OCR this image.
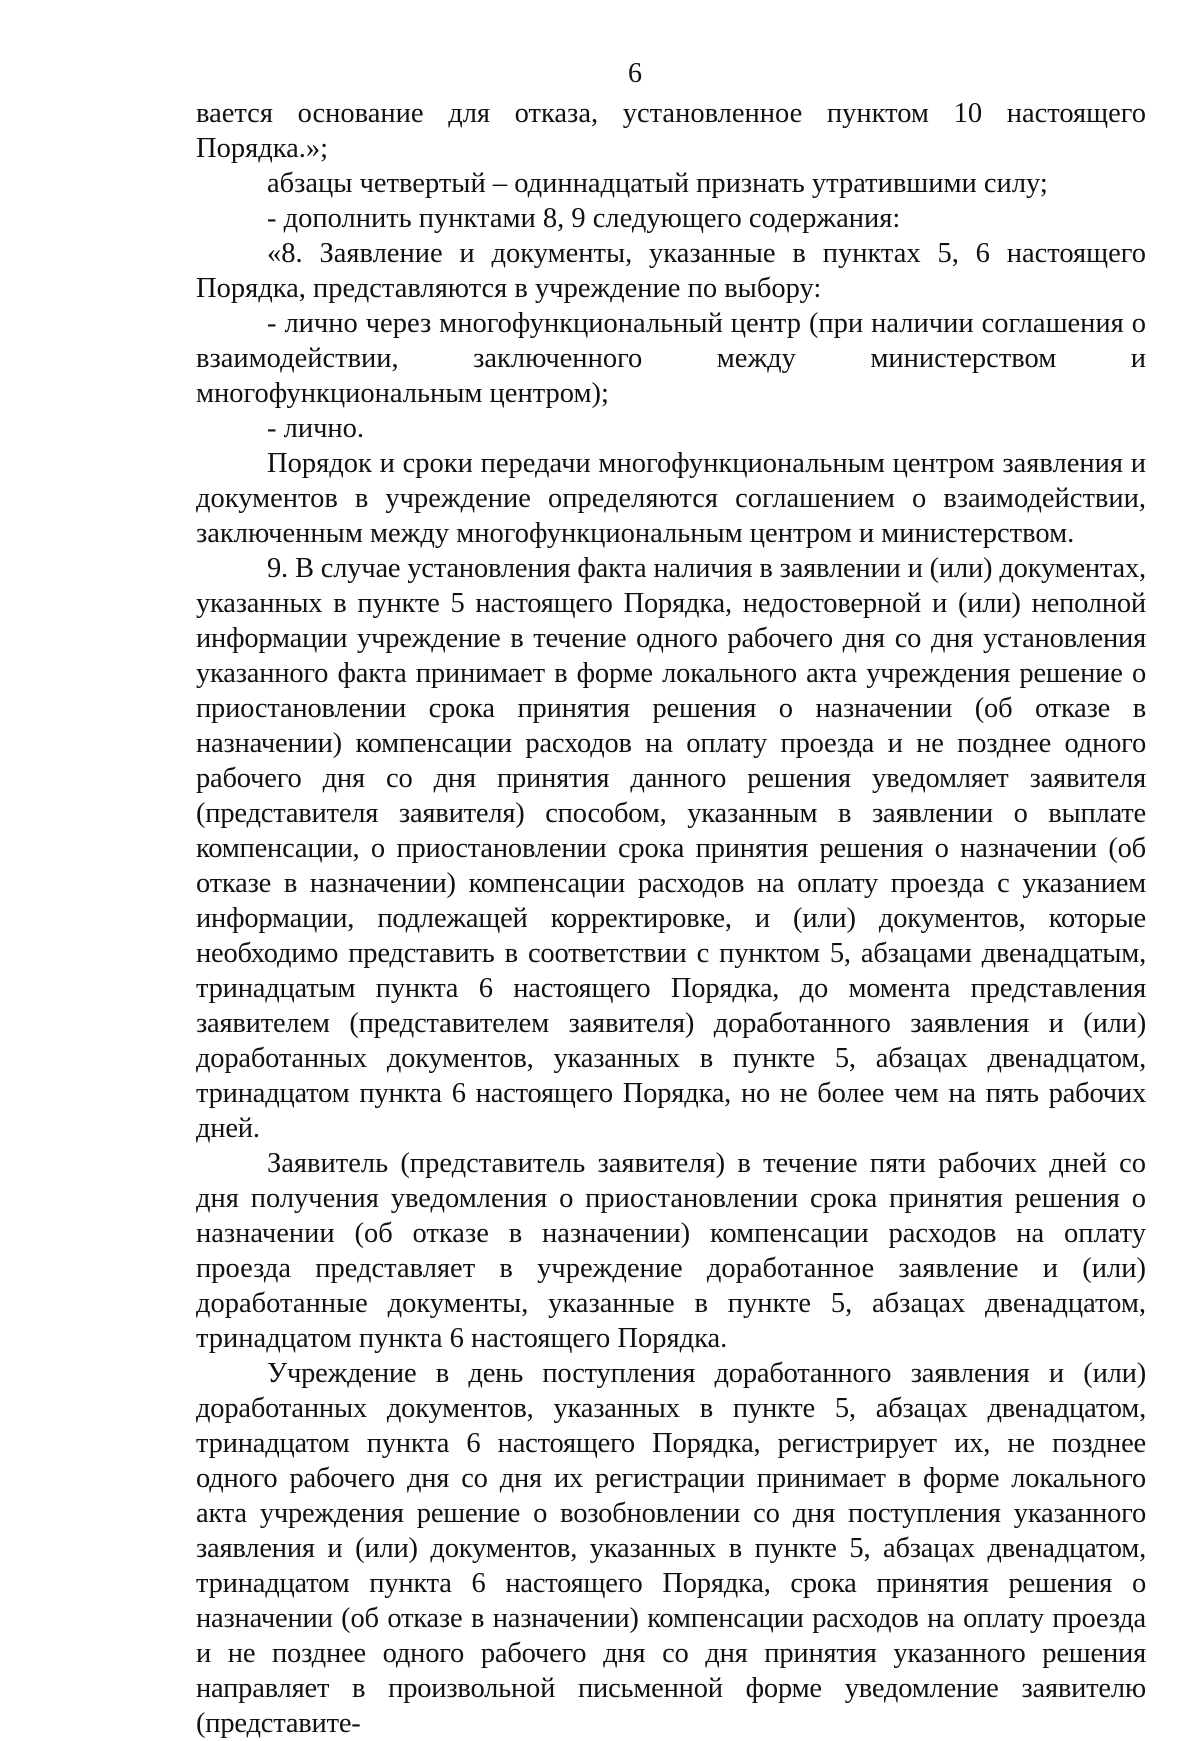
6

вается основание для отказа, установленное пунктом 10 настоящего Порядка.»;

абзацы четвертый – одиннадцатый признать утратившими силу;

- дополнить пунктами 8, 9 следующего содержания:

«8. Заявление и документы, указанные в пунктах 5, 6 настоящего Порядка, представляются в учреждение по выбору:

- лично через многофункциональный центр (при наличии соглашения о взаимодействии, заключенного между министерством и многофункциональным центром);

- лично.

Порядок и сроки передачи многофункциональным центром заявления и документов в учреждение определяются соглашением о взаимодействии, заключенным между многофункциональным центром и министерством.

9. В случае установления факта наличия в заявлении и (или) документах, указанных в пункте 5 настоящего Порядка, недостоверной и (или) неполной информации учреждение в течение одного рабочего дня со дня установления указанного факта принимает в форме локального акта учреждения решение о приостановлении срока принятия решения о назначении (об отказе в назначении) компенсации расходов на оплату проезда и не позднее одного рабочего дня со дня принятия данного решения уведомляет заявителя (представителя заявителя) способом, указанным в заявлении о выплате компенсации, о приостановлении срока принятия решения о назначении (об отказе в назначении) компенсации расходов на оплату проезда с указанием информации, подлежащей корректировке, и (или) документов, которые необходимо представить в соответствии с пунктом 5, абзацами двенадцатым, тринадцатым пункта 6 настоящего Порядка, до момента представления заявителем (представителем заявителя) доработанного заявления и (или) доработанных документов, указанных в пункте 5, абзацах двенадцатом, тринадцатом пункта 6 настоящего Порядка, но не более чем на пять рабочих дней.

Заявитель (представитель заявителя) в течение пяти рабочих дней со дня получения уведомления о приостановлении срока принятия решения о назначении (об отказе в назначении) компенсации расходов на оплату проезда представляет в учреждение доработанное заявление и (или) доработанные документы, указанные в пункте 5, абзацах двенадцатом, тринадцатом пункта 6 настоящего Порядка.

Учреждение в день поступления доработанного заявления и (или) доработанных документов, указанных в пункте 5, абзацах двенадцатом, тринадцатом пункта 6 настоящего Порядка, регистрирует их, не позднее одного рабочего дня со дня их регистрации принимает в форме локального акта учреждения решение о возобновлении со дня поступления указанного заявления и (или) документов, указанных в пункте 5, абзацах двенадцатом, тринадцатом пункта 6 настоящего Порядка, срока принятия решения о назначении (об отказе в назначении) компенсации расходов на оплату проезда и не позднее одного рабочего дня со дня принятия указанного решения направляет в произвольной письменной форме уведомление заявителю (представите-
